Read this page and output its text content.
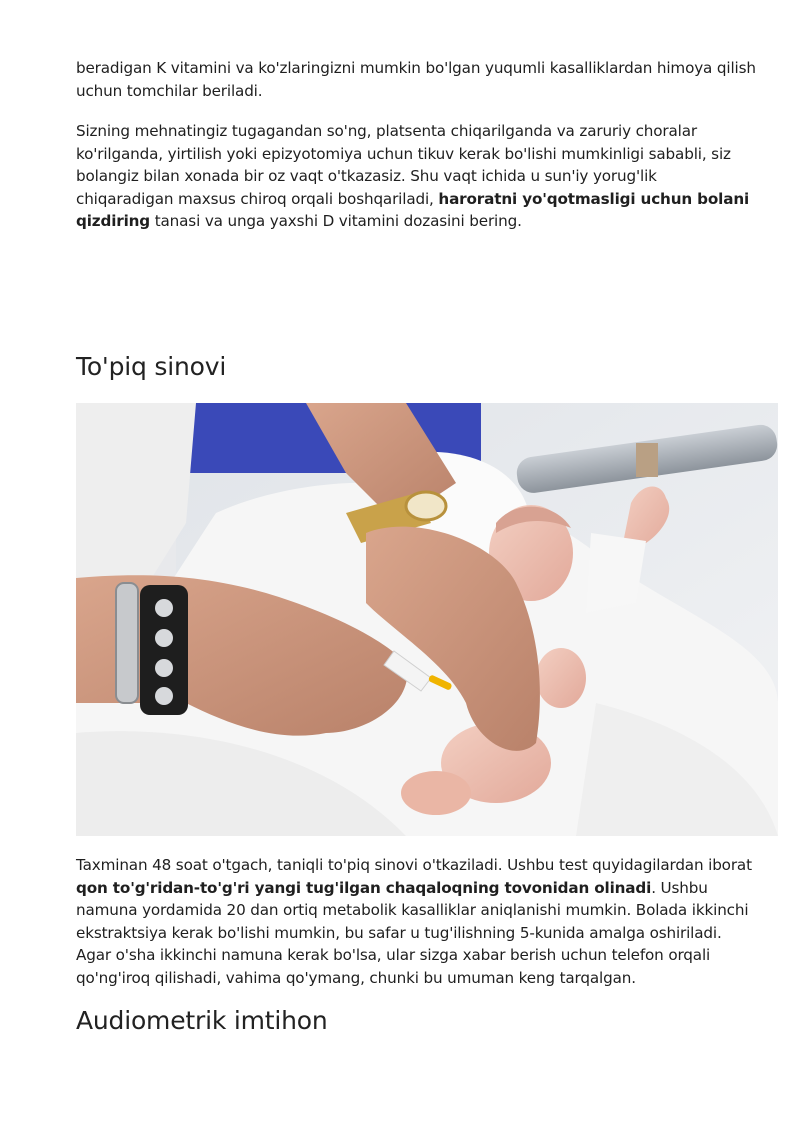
beradigan K vitamini va ko'zlaringizni mumkin bo'lgan yuqumli kasalliklardan himoya qilish uchun tomchilar beriladi.

Sizning mehnatingiz tugagandan so'ng, platsenta chiqarilganda va zaruriy choralar ko'rilganda, yirtilish yoki epizyotomiya uchun tikuv kerak bo'lishi mumkinligi sababli, siz bolangiz bilan xonada bir oz vaqt o'tkazasiz. Shu vaqt ichida u sun'iy yorug'lik chiqaradigan maxsus chiroq orqali boshqariladi, haroratni yo'qotmasligi uchun bolani qizdiring tanasi va unga yaxshi D vitamini dozasini bering.

To'piq sinovi

Taxminan 48 soat o'tgach, taniqli to'piq sinovi o'tkaziladi. Ushbu test quyidagilardan iborat qon to'g'ridan-to'g'ri yangi tug'ilgan chaqaloqning tovonidan olinadi. Ushbu namuna yordamida 20 dan ortiq metabolik kasalliklar aniqlanishi mumkin. Bolada ikkinchi ekstraktsiya kerak bo'lishi mumkin, bu safar u tug'ilishning 5-kunida amalga oshiriladi. Agar o'sha ikkinchi namuna kerak bo'lsa, ular sizga xabar berish uchun telefon orqali qo'ng'iroq qilishadi, vahima qo'ymang, chunki bu umuman keng tarqalgan.

Audiometrik imtihon
